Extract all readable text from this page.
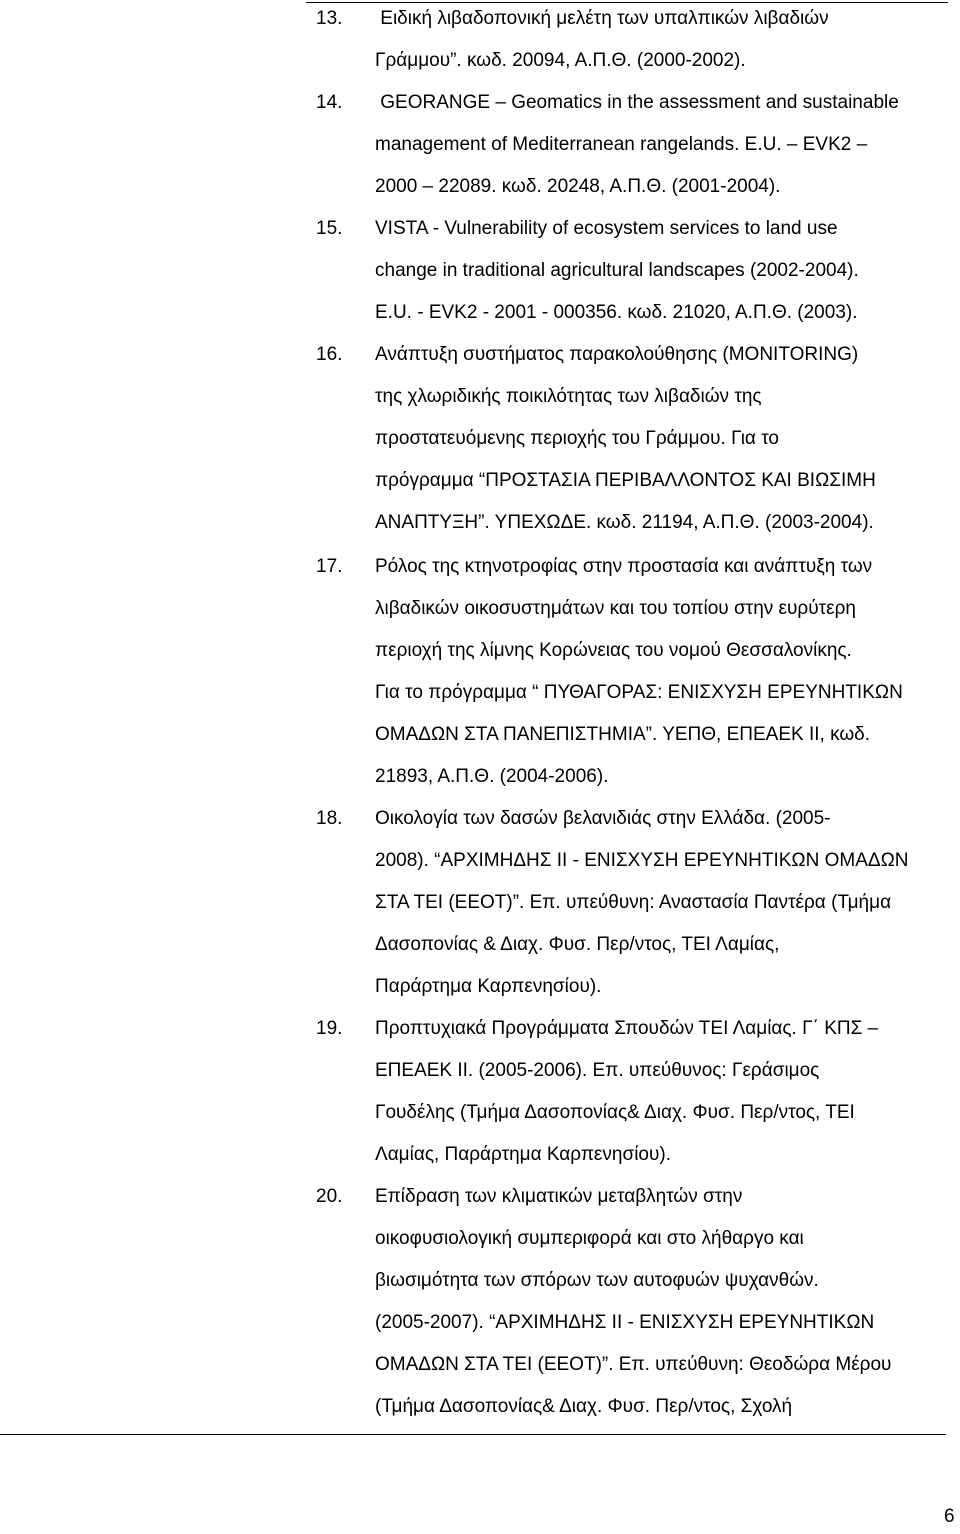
13. Ειδική λιβαδοπονική μελέτη των υπαλπικών λιβαδιών
Γράμμου”. κωδ. 20094, Α.Π.Θ. (2000-2002).
14. GEORANGE – Geomatics in the assessment and sustainable
management of Mediterranean rangelands. E.U. – EVK2 –
2000 – 22089. κωδ. 20248, Α.Π.Θ. (2001-2004).
15. VISTA - Vulnerability of ecosystem services to land use
change in traditional agricultural landscapes (2002-2004).
E.U. - EVK2 - 2001 - 000356. κωδ. 21020, Α.Π.Θ. (2003).
16. Ανάπτυξη συστήματος παρακολούθησης (MONITORING)
της χλωριδικής ποικιλότητας των λιβαδιών της
προστατευόμενης περιοχής του Γράμμου. Για το
πρόγραμμα “ΠΡΟΣΤΑΣΙΑ ΠΕΡΙΒΑΛΛΟΝΤΟΣ ΚΑΙ ΒΙΩΣΙΜΗ
ΑΝΑΠΤΥΞΗ”. ΥΠΕΧΩΔΕ. κωδ. 21194, Α.Π.Θ. (2003-2004).
17. Ρόλος της κτηνοτροφίας στην προστασία και ανάπτυξη των
λιβαδικών οικοσυστημάτων και του τοπίου στην ευρύτερη
περιοχή της λίμνης Κορώνειας του νομού Θεσσαλονίκης.
Για το πρόγραμμα “ ΠΥΘΑΓΟΡΑΣ: ΕΝΙΣΧΥΣΗ ΕΡΕΥΝΗΤΙΚΩΝ
ΟΜΑΔΩΝ ΣΤΑ ΠΑΝΕΠΙΣΤΗΜΙΑ”. ΥΕΠΘ, ΕΠΕΑΕΚ ΙΙ, κωδ.
21893, Α.Π.Θ. (2004-2006).
18. Οικολογία των δασών βελανιδιάς στην Ελλάδα. (2005-
2008). “ΑΡΧΙΜΗΔΗΣ ΙΙ - ΕΝΙΣΧΥΣΗ ΕΡΕΥΝΗΤΙΚΩΝ ΟΜΑΔΩΝ
ΣΤΑ ΤΕΙ (ΕΕΟΤ)”. Επ. υπεύθυνη: Αναστασία Παντέρα (Τμήμα
Δασοπονίας & Διαχ. Φυσ. Περ/ντος, ΤΕΙ Λαμίας,
Παράρτημα Καρπενησίου).
19. Προπτυχιακά Προγράμματα Σπουδών ΤΕΙ Λαμίας. Γ΄ ΚΠΣ –
ΕΠΕΑΕΚ ΙΙ. (2005-2006). Επ. υπεύθυνος: Γεράσιμος
Γουδέλης (Τμήμα Δασοπονίας& Διαχ. Φυσ. Περ/ντος, ΤΕΙ
Λαμίας, Παράρτημα Καρπενησίου).
20. Επίδραση των κλιματικών μεταβλητών στην
οικοφυσιολογική συμπεριφορά και στο λήθαργο και
βιωσιμότητα των σπόρων των αυτοφυών ψυχανθών.
(2005-2007). “ΑΡΧΙΜΗΔΗΣ ΙΙ - ΕΝΙΣΧΥΣΗ ΕΡΕΥΝΗΤΙΚΩΝ
ΟΜΑΔΩΝ ΣΤΑ ΤΕΙ (ΕΕΟΤ)”. Επ. υπεύθυνη: Θεοδώρα Μέρου
(Τμήμα Δασοπονίας& Διαχ. Φυσ. Περ/ντος, Σχολή
6
